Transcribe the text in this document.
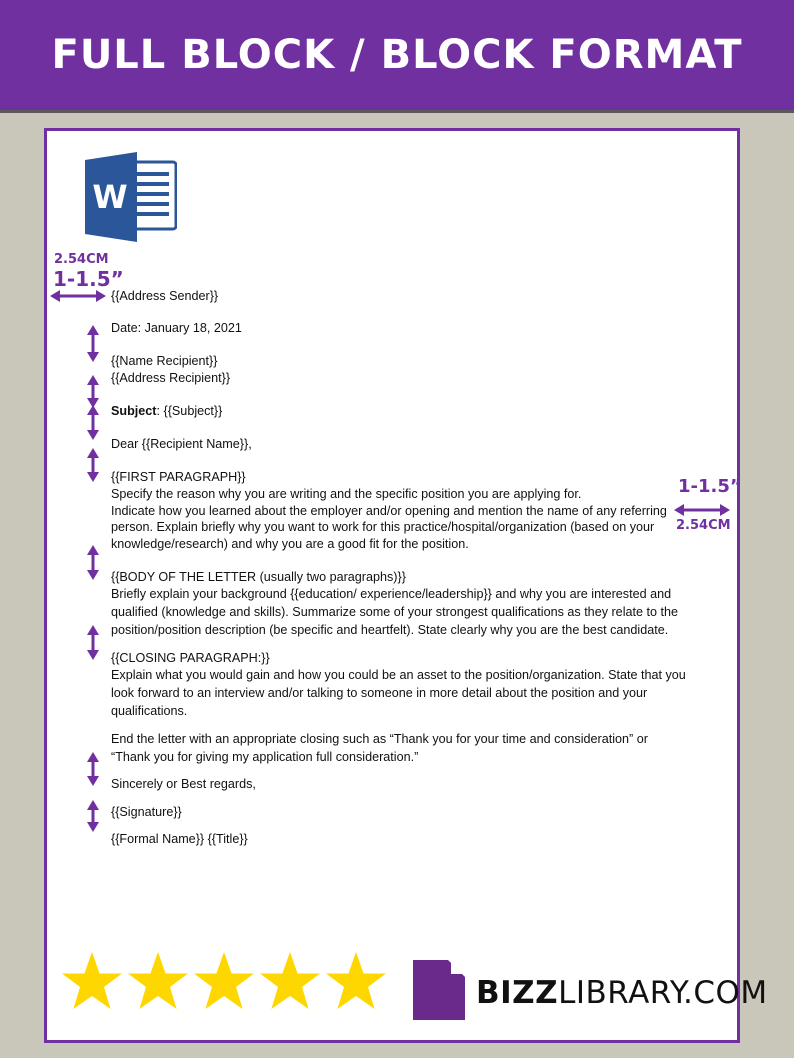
FULL BLOCK / BLOCK FORMAT
W
2.54CM
1-1.5”
1-1.5”
2.54CM
{{Address Sender}}
Date: January 18, 2021
{{Name Recipient}}
{{Address Recipient}}
Subject: {{Subject}}
Dear {{Recipient Name}},
{{FIRST PARAGRAPH}}
Specify the reason why you are writing and the specific position you are applying for.
Indicate how you learned about the employer and/or opening and mention the name of any referring
person. Explain briefly why you want to work for this practice/hospital/organization (based on your
knowledge/research) and why you are a good fit for the position.
{{BODY OF THE LETTER (usually two paragraphs)}}
Briefly explain your background {{education/ experience/leadership}} and why you are interested and
qualified (knowledge and skills). Summarize some of your strongest qualifications as they relate to the
position/position description (be specific and heartfelt). State clearly why you are the best candidate.
{{CLOSING PARAGRAPH:}}
Explain what you would gain and how you could be an asset to the position/organization. State that you
look forward to an interview and/or talking to someone in more detail about the position and your
qualifications.
End the letter with an appropriate closing such as “Thank you for your time and consideration” or
“Thank you for giving my application full consideration.”
Sincerely or Best regards,
{{Signature}}
{{Formal Name}} {{Title}}
BIZZLIBRARY.COM
